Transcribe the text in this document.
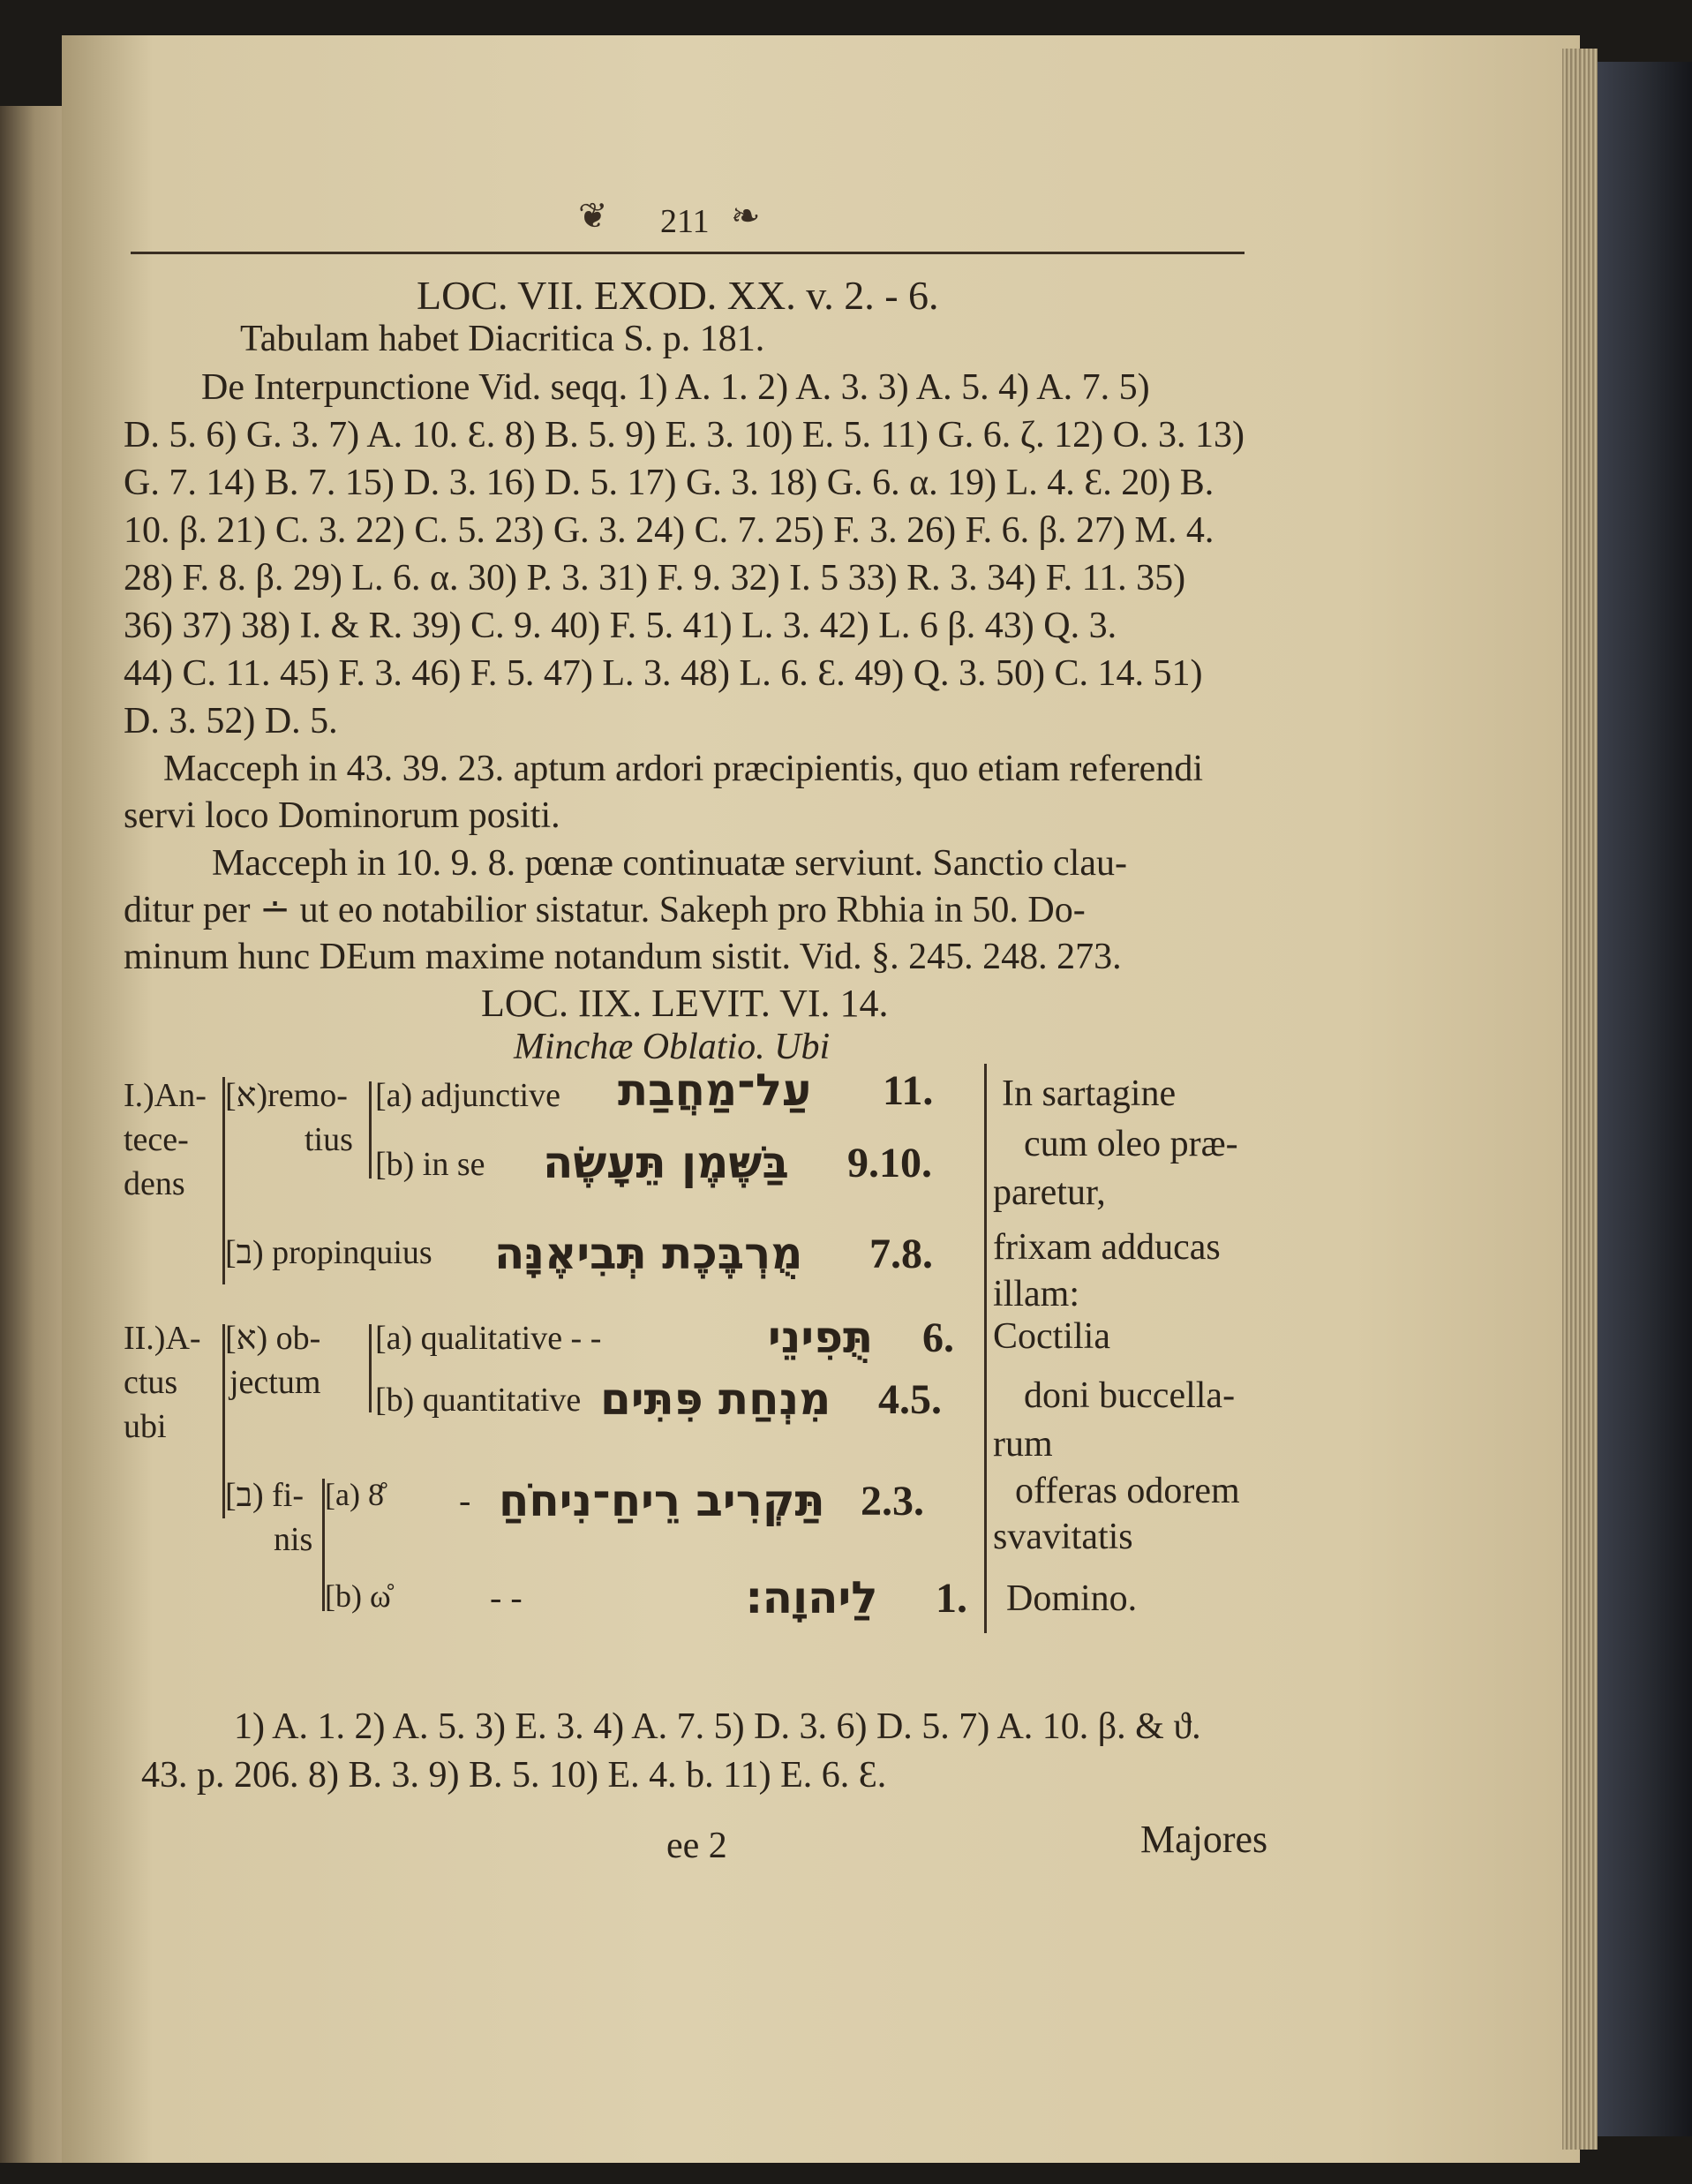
❦ 211 ❧
LOC. VII. EXOD. XX. v. 2. - 6.
Tabulam habet Diacritica S. p. 181.
De Interpunctione Vid. seqq. 1) A. 1. 2) A. 3. 3) A. 5. 4) A. 7. 5)
D. 5. 6) G. 3. 7) A. 10. Ɛ. 8) B. 5. 9) E. 3. 10) E. 5. 11) G. 6. ζ. 12) O. 3. 13)
G. 7. 14) B. 7. 15) D. 3. 16) D. 5. 17) G. 3. 18) G. 6. α. 19) L. 4. Ɛ. 20) B.
10. β. 21) C. 3. 22) C. 5. 23) G. 3. 24) C. 7. 25) F. 3. 26) F. 6. β. 27) M. 4.
28) F. 8. β. 29) L. 6. α. 30) P. 3. 31) F. 9. 32) I. 5 33) R. 3. 34) F. 11. 35)
36) 37) 38) I. & R. 39) C. 9. 40) F. 5. 41) L. 3. 42) L. 6 β. 43) Q. 3.
44) C. 11. 45) F. 3. 46) F. 5. 47) L. 3. 48) L. 6. Ɛ. 49) Q. 3. 50) C. 14. 51)
D. 3. 52) D. 5.
Macceph in 43. 39. 23. aptum ardori præcipientis, quo etiam referendi
servi loco Dominorum positi.
Macceph in 10. 9. 8. pœnæ continuatæ serviunt. Sanctio clau-
ditur per ∸ ut eo notabilior sistatur. Sakeph pro Rbhia in 50. Do-
minum hunc DEum maxime notandum sistit. Vid. §. 245. 248. 273.
LOC. IIX. LEVIT. VI. 14.
Minchæ Oblatio. Ubi
I.)An-
tece-
dens
II.)A-
ctus
ubi
[א)remo-
tius
[a) adjunctive
[b) in se
[ב) propinquius
[א) ob-
jectum
[a) qualitative - -
[b) quantitative
[ב) fi-
nis
[a) 8̊
[b) ω̊
-
- -
עַל־מַחֲבַת 11.
בַּשֶּׁמֶן תֵּעָשֶׂה 9.10.
מֻרְבֶּכֶת תְּבִיאֶנָּה 7.8.
תֻּפִינֵי 6.
מִנְחַת פִּתִּים 4.5.
תַּקְרִיב רֵיחַ־נִיחֹחַ 2.3.
לַיהוָה׃ 1.
In sartagine
cum oleo præ-
paretur,
frixam adducas
illam:
Coctilia
doni buccella-
rum
offeras odorem
svavitatis
Domino.
1) A. 1. 2) A. 5. 3) E. 3. 4) A. 7. 5) D. 3. 6) D. 5. 7) A. 10. β. & ϑ.
43. p. 206. 8) B. 3. 9) B. 5. 10) E. 4. b. 11) E. 6. Ɛ.
ee 2	Majores
